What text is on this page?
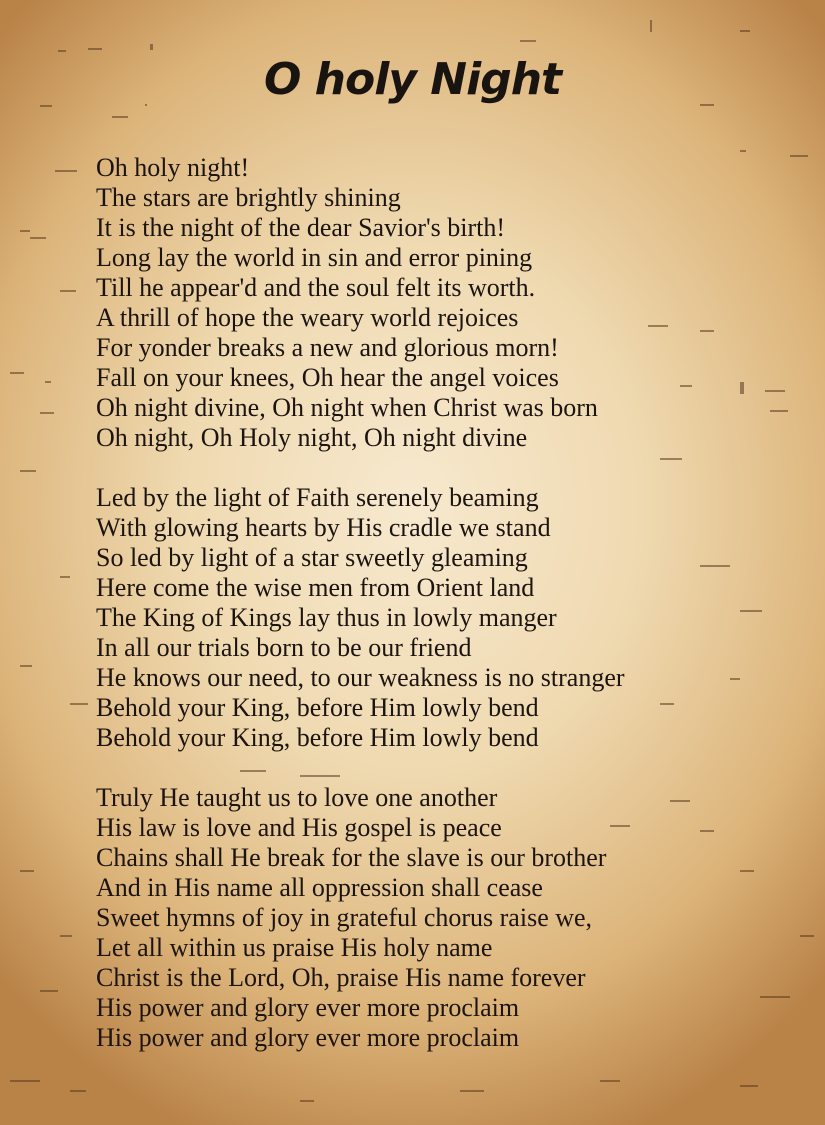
O holy Night
Oh holy night!
The stars are brightly shining
It is the night of the dear Savior's birth!
Long lay the world in sin and error pining
Till he appear'd and the soul felt its worth.
A thrill of hope the weary world rejoices
For yonder breaks a new and glorious morn!
Fall on your knees, Oh hear the angel voices
Oh night divine, Oh night when Christ was born
Oh night, Oh Holy night, Oh night divine
Led by the light of Faith serenely beaming
With glowing hearts by His cradle we stand
So led by light of a star sweetly gleaming
Here come the wise men from Orient land
The King of Kings lay thus in lowly manger
In all our trials born to be our friend
He knows our need, to our weakness is no stranger
Behold your King, before Him lowly bend
Behold your King, before Him lowly bend
Truly He taught us to love one another
His law is love and His gospel is peace
Chains shall He break for the slave is our brother
And in His name all oppression shall cease
Sweet hymns of joy in grateful chorus raise we,
Let all within us praise His holy name
Christ is the Lord, Oh, praise His name forever
His power and glory ever more proclaim
His power and glory ever more proclaim
